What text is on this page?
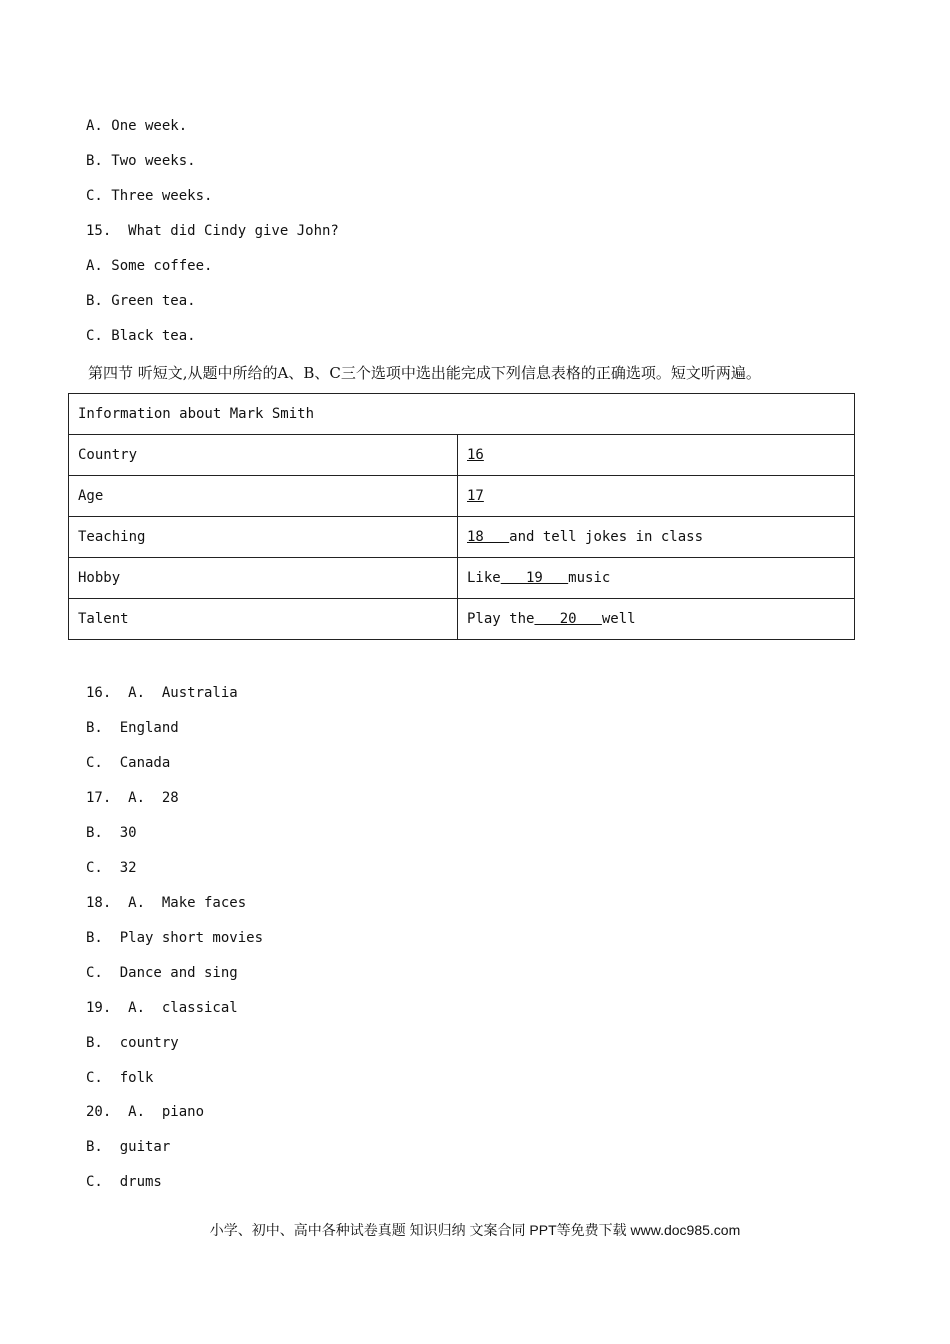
A. One week.
B. Two weeks.
C. Three weeks.
15.  What did Cindy give John?
A. Some coffee.
B. Green tea.
C. Black tea.
第四节 听短文,从题中所给的A、B、C三个选项中选出能完成下列信息表格的正确选项。短文听两遍。
Information about Mark Smith	
Country	16
Age	17
Teaching	18   and tell jokes in class
Hobby	Like   19   music
Talent	Play the   20   well
16.  A.  Australia
B.  England
C.  Canada
17.  A.  28
B.  30
C.  32
18.  A.  Make faces
B.  Play short movies
C.  Dance and sing
19.  A.  classical
B.  country
C.  folk
20.  A.  piano
B.  guitar
C.  drums
小学、初中、高中各种试卷真题 知识归纳 文案合同 PPT等免费下载 www.doc985.com
